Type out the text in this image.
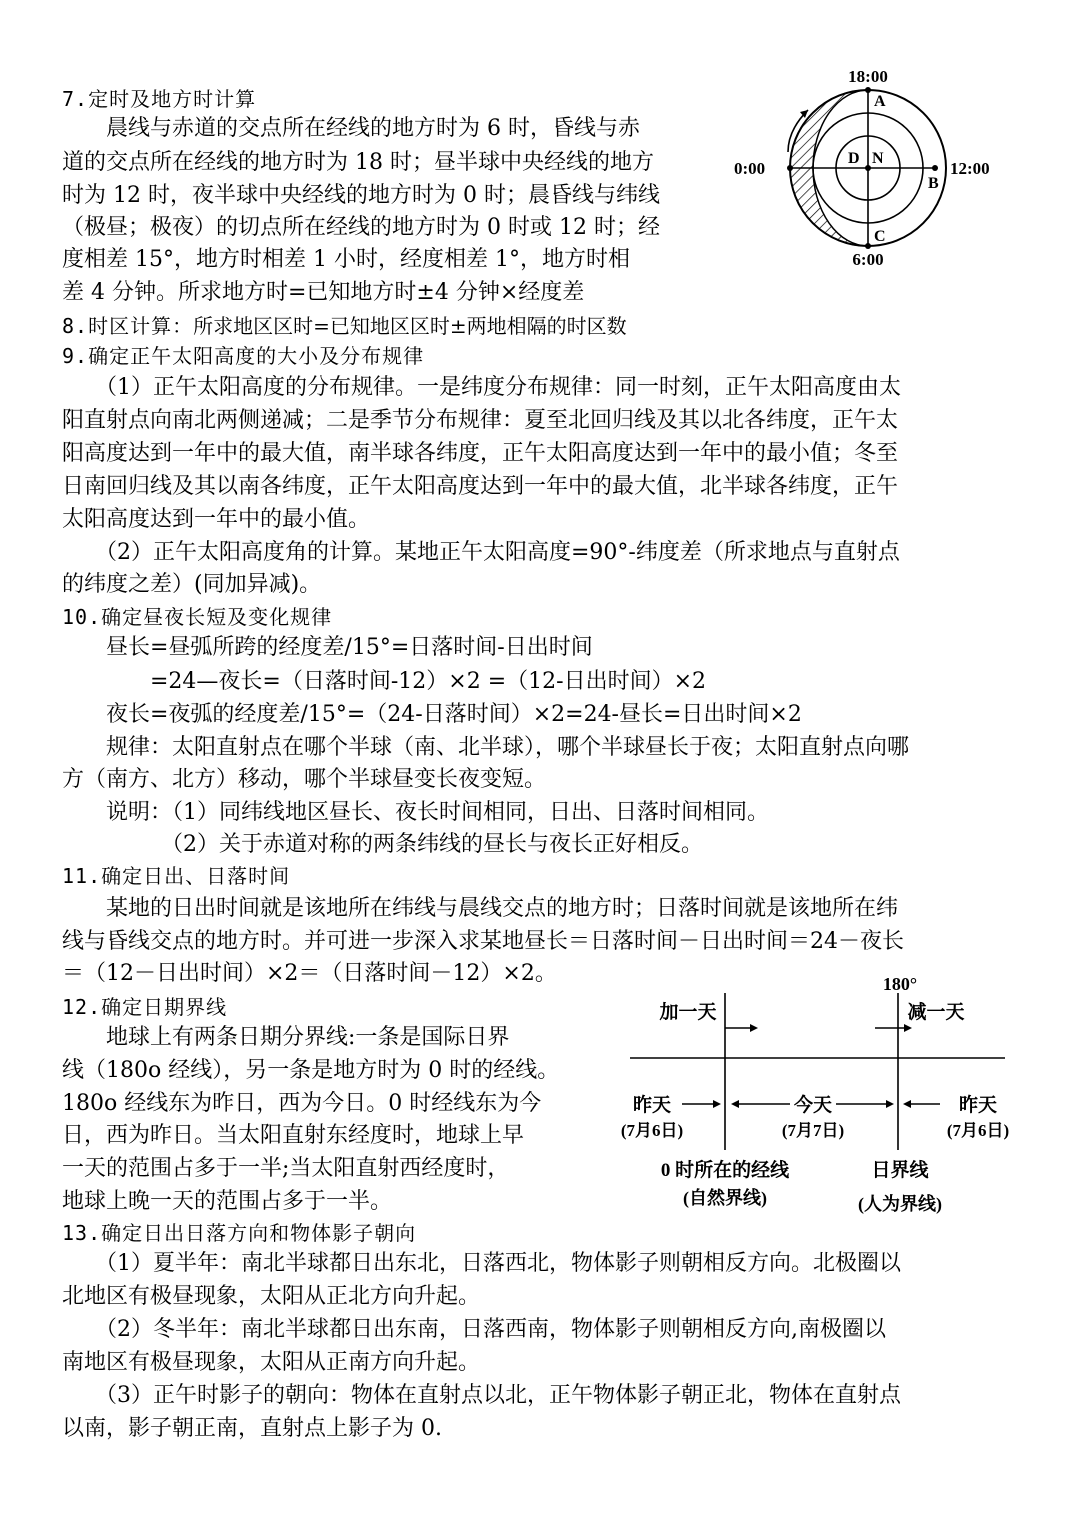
7.定时及地方时计算
　　晨线与赤道的交点所在经线的地方时为 6 时，昏线与赤
道的交点所在经线的地方时为 18 时；昼半球中央经线的地方
时为 12 时，夜半球中央经线的地方时为 0 时；晨昏线与纬线
（极昼；极夜）的切点所在经线的地方时为 0 时或 12 时；经
度相差 15°，地方时相差 1 小时，经度相差 1°，地方时相
差 4 分钟。所求地方时=已知地方时±4 分钟×经度差
18:00
6:00
0:00	12:00
A
B
C
D N
8.时区计算：所求地区区时=已知地区区时±两地相隔的时区数
9.确定正午太阳高度的大小及分布规律
　　（1）正午太阳高度的分布规律。一是纬度分布规律：同一时刻，正午太阳高度由太
阳直射点向南北两侧递减；二是季节分布规律：夏至北回归线及其以北各纬度，正午太
阳高度达到一年中的最大值，南半球各纬度，正午太阳高度达到一年中的最小值；冬至
日南回归线及其以南各纬度，正午太阳高度达到一年中的最大值，北半球各纬度，正午
太阳高度达到一年中的最小值。
　　（2）正午太阳高度角的计算。某地正午太阳高度=90°-纬度差（所求地点与直射点
的纬度之差）(同加异减)。
10.确定昼夜长短及变化规律
　　昼长=昼弧所跨的经度差/15°=日落时间-日出时间
　　　　=24—夜长=（日落时间-12）×2 =（12-日出时间）×2
　　夜长=夜弧的经度差/15°=（24-日落时间）×2=24-昼长=日出时间×2
　　规律：太阳直射点在哪个半球（南、北半球），哪个半球昼长于夜；太阳直射点向哪
方（南方、北方）移动，哪个半球昼变长夜变短。
　　说明：（1）同纬线地区昼长、夜长时间相同，日出、日落时间相同。
　　　　　（2）关于赤道对称的两条纬线的昼长与夜长正好相反。
11.确定日出、日落时间
　　某地的日出时间就是该地所在纬线与晨线交点的地方时；日落时间就是该地所在纬
线与昏线交点的地方时。并可进一步深入求某地昼长＝日落时间－日出时间＝24－夜长
＝（12－日出时间）×2＝（日落时间－12）×2。
12.确定日期界线
　　地球上有两条日期分界线:一条是国际日界
线（180o 经线），另一条是地方时为 0 时的经线。
180o 经线东为昨日，西为今日。0 时经线东为今
日，西为昨日。当太阳直射东经度时，地球上早
一天的范围占多于一半;当太阳直射西经度时，
地球上晚一天的范围占多于一半。
180°
加一天	减一天
昨天
(7月6日)
今天
(7月7日)
昨天
(7月6日)
0 时所在的经线
(自然界线)
日界线
(人为界线)
13.确定日出日落方向和物体影子朝向
　　（1）夏半年：南北半球都日出东北，日落西北，物体影子则朝相反方向。北极圈以
北地区有极昼现象，太阳从正北方向升起。
　　（2）冬半年：南北半球都日出东南，日落西南，物体影子则朝相反方向,南极圈以
南地区有极昼现象，太阳从正南方向升起。
　　（3）正午时影子的朝向：物体在直射点以北，正午物体影子朝正北，物体在直射点
以南，影子朝正南，直射点上影子为 0.
